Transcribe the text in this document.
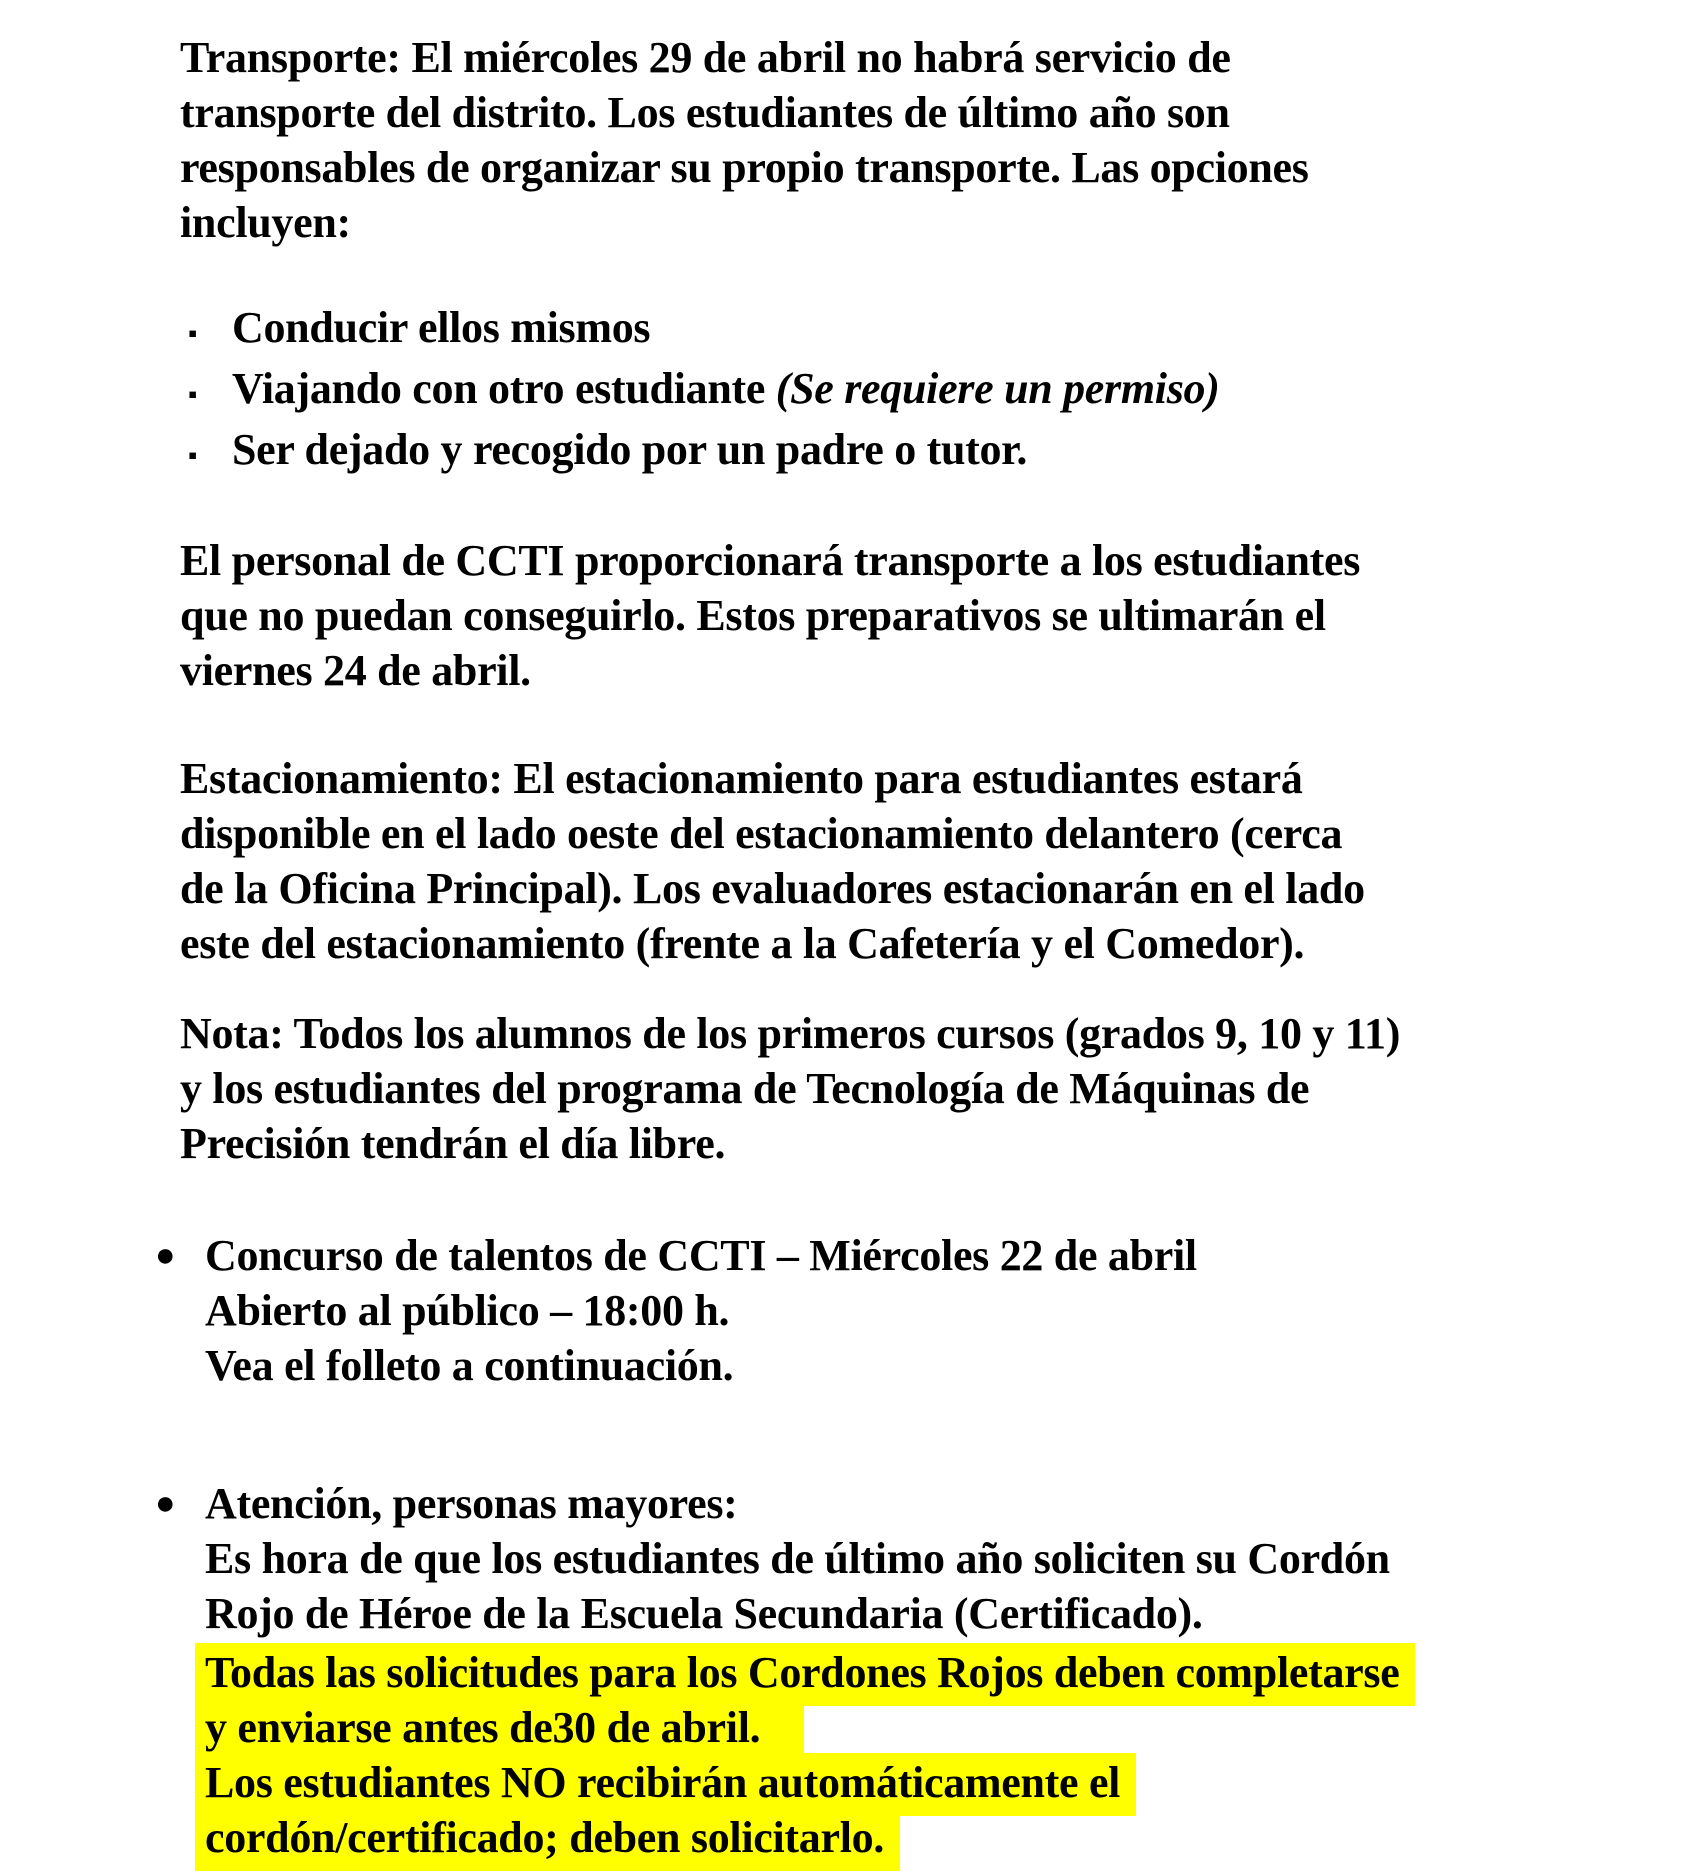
Transporte: El miércoles 29 de abril no habrá servicio de
transporte del distrito. Los estudiantes de último año son
responsables de organizar su propio transporte. Las opciones
incluyen:
▪ Conducir ellos mismos
▪ Viajando con otro estudiante (Se requiere un permiso)
▪ Ser dejado y recogido por un padre o tutor.
El personal de CCTI proporcionará transporte a los estudiantes
que no puedan conseguirlo. Estos preparativos se ultimarán el
viernes 24 de abril.
Estacionamiento: El estacionamiento para estudiantes estará
disponible en el lado oeste del estacionamiento delantero (cerca
de la Oficina Principal). Los evaluadores estacionarán en el lado
este del estacionamiento (frente a la Cafetería y el Comedor).
Nota: Todos los alumnos de los primeros cursos (grados 9, 10 y 11)
y los estudiantes del programa de Tecnología de Máquinas de
Precisión tendrán el día libre.
● Concurso de talentos de CCTI – Miércoles 22 de abril
Abierto al público – 18:00 h.
Vea el folleto a continuación.
● Atención, personas mayores:
Es hora de que los estudiantes de último año soliciten su Cordón
Rojo de Héroe de la Escuela Secundaria (Certificado).
Todas las solicitudes para los Cordones Rojos deben completarse
y enviarse antes de30 de abril.
Los estudiantes NO recibirán automáticamente el
cordón/certificado; deben solicitarlo.
